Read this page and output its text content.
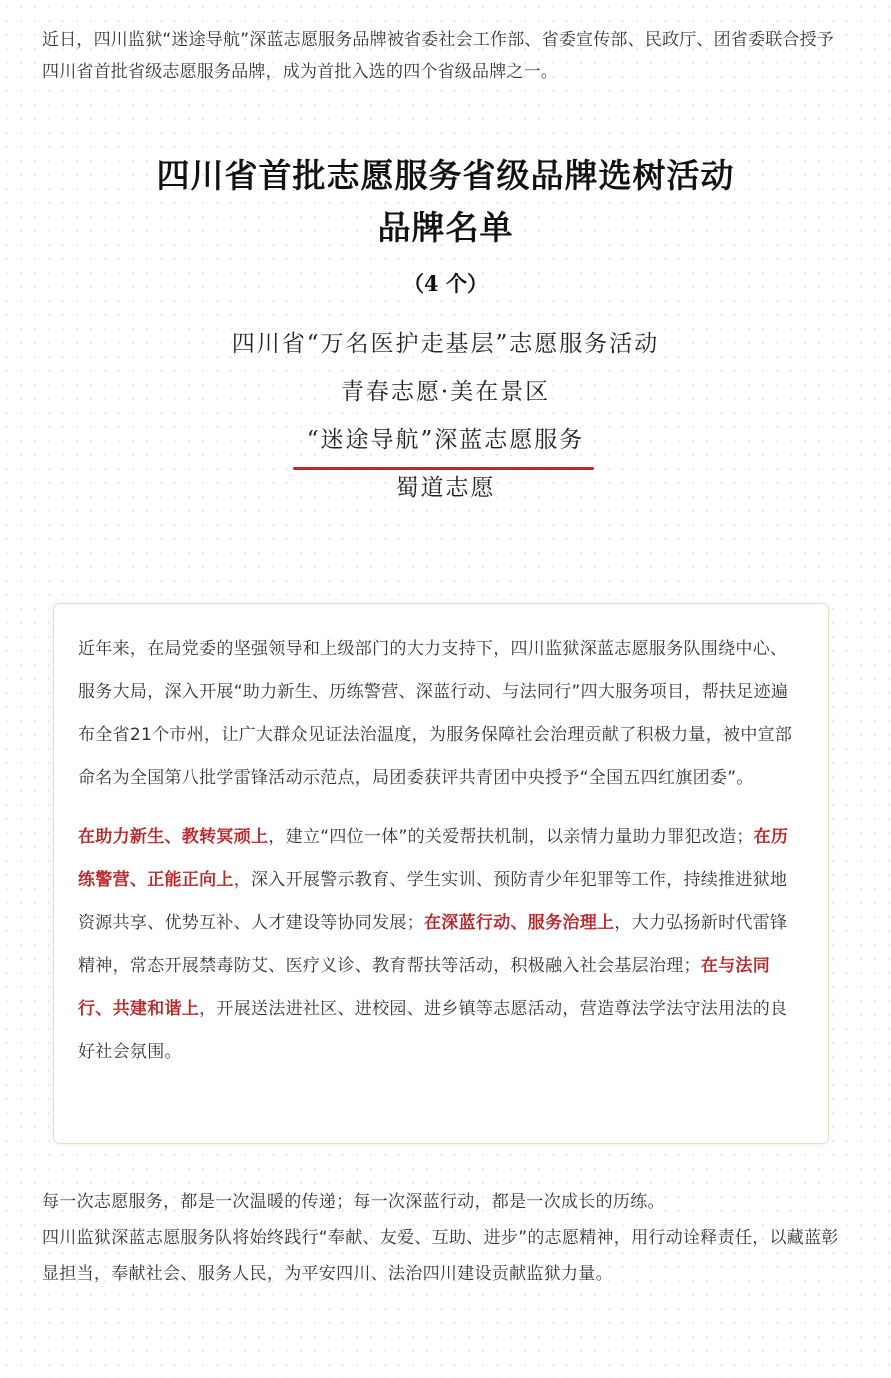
近日，四川监狱“迷途导航”深蓝志愿服务品牌被省委社会工作部、省委宣传部、民政厅、团省委联合授予四川省首批省级志愿服务品牌，成为首批入选的四个省级品牌之一。

四川省首批志愿服务省级品牌选树活动
品牌名单
（4 个）
四川省“万名医护走基层”志愿服务活动
青春志愿·美在景区
“迷途导航”深蓝志愿服务
蜀道志愿

近年来，在局党委的坚强领导和上级部门的大力支持下，四川监狱深蓝志愿服务队围绕中心、服务大局，深入开展“助力新生、历练警营、深蓝行动、与法同行”四大服务项目，帮扶足迹遍布全省21个市州，让广大群众见证法治温度，为服务保障社会治理贡献了积极力量，被中宣部命名为全国第八批学雷锋活动示范点，局团委获评共青团中央授予“全国五四红旗团委”。

在助力新生、教转冥顽上，建立“四位一体”的关爱帮扶机制，以亲情力量助力罪犯改造；在历练警营、正能正向上，深入开展警示教育、学生实训、预防青少年犯罪等工作，持续推进狱地资源共享、优势互补、人才建设等协同发展；在深蓝行动、服务治理上，大力弘扬新时代雷锋精神，常态开展禁毒防艾、医疗义诊、教育帮扶等活动，积极融入社会基层治理；在与法同行、共建和谐上，开展送法进社区、进校园、进乡镇等志愿活动，营造尊法学法守法用法的良好社会氛围。

每一次志愿服务，都是一次温暖的传递；每一次深蓝行动，都是一次成长的历练。

四川监狱深蓝志愿服务队将始终践行“奉献、友爱、互助、进步”的志愿精神，用行动诠释责任，以藏蓝彰显担当，奉献社会、服务人民，为平安四川、法治四川建设贡献监狱力量。
